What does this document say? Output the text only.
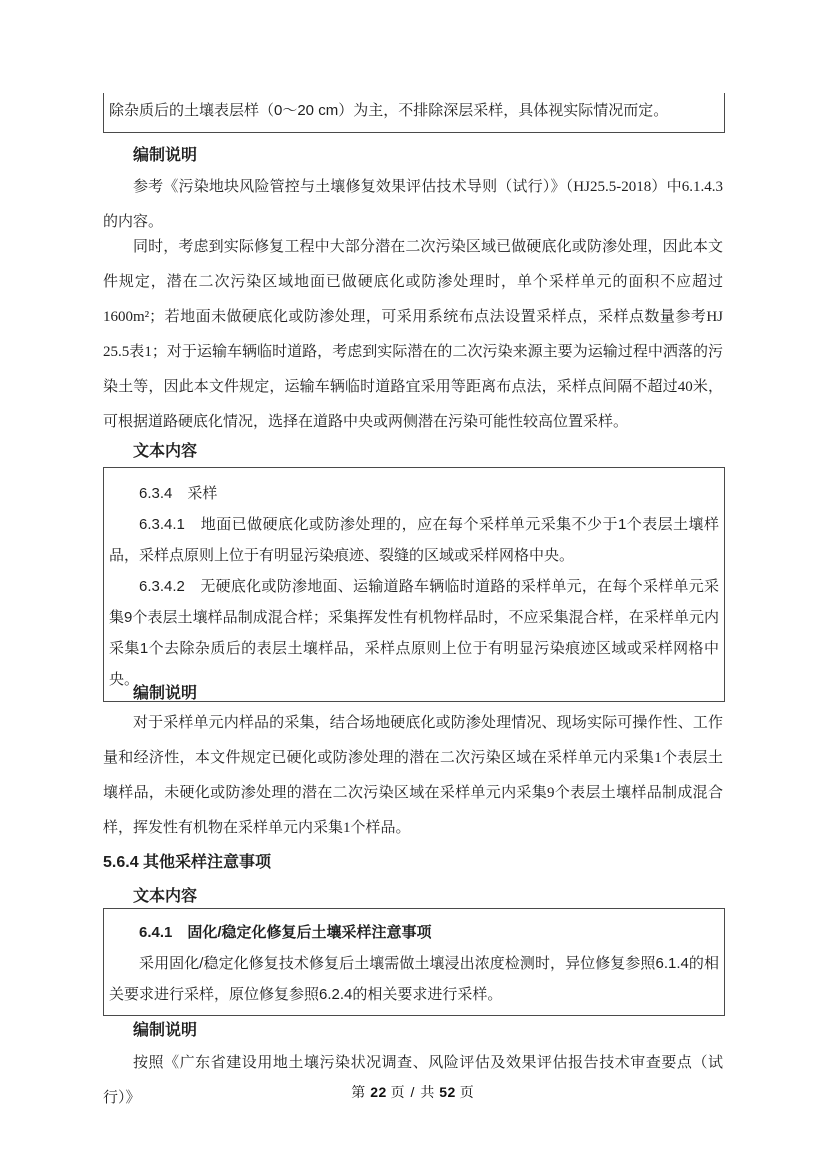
除杂质后的土壤表层样（0～20 cm）为主，不排除深层采样，具体视实际情况而定。

编制说明

参考《污染地块风险管控与土壤修复效果评估技术导则（试行）》（HJ25.5-2018）中6.1.4.3的内容。

同时，考虑到实际修复工程中大部分潜在二次污染区域已做硬底化或防渗处理，因此本文件规定，潜在二次污染区域地面已做硬底化或防渗处理时，单个采样单元的面积不应超过1600m²；若地面未做硬底化或防渗处理，可采用系统布点法设置采样点，采样点数量参考HJ 25.5表1；对于运输车辆临时道路，考虑到实际潜在的二次污染来源主要为运输过程中洒落的污染土等，因此本文件规定，运输车辆临时道路宜采用等距离布点法，采样点间隔不超过40米，可根据道路硬底化情况，选择在道路中央或两侧潜在污染可能性较高位置采样。

文本内容

6.3.4　采样

6.3.4.1　地面已做硬底化或防渗处理的，应在每个采样单元采集不少于1个表层土壤样品，采样点原则上位于有明显污染痕迹、裂缝的区域或采样网格中央。

6.3.4.2　无硬底化或防渗地面、运输道路车辆临时道路的采样单元，在每个采样单元采集9个表层土壤样品制成混合样；采集挥发性有机物样品时，不应采集混合样，在采样单元内采集1个去除杂质后的表层土壤样品，采样点原则上位于有明显污染痕迹区域或采样网格中央。

编制说明

对于采样单元内样品的采集，结合场地硬底化或防渗处理情况、现场实际可操作性、工作量和经济性，本文件规定已硬化或防渗处理的潜在二次污染区域在采样单元内采集1个表层土壤样品，未硬化或防渗处理的潜在二次污染区域在采样单元内采集9个表层土壤样品制成混合样，挥发性有机物在采样单元内采集1个样品。

5.6.4 其他采样注意事项
文本内容

6.4.1　固化/稳定化修复后土壤采样注意事项

采用固化/稳定化修复技术修复后土壤需做土壤浸出浓度检测时，异位修复参照6.1.4的相关要求进行采样，原位修复参照6.2.4的相关要求进行采样。

编制说明

按照《广东省建设用地土壤污染状况调查、风险评估及效果评估报告技术审查要点（试行）》	第 22 页 / 共 52 页
